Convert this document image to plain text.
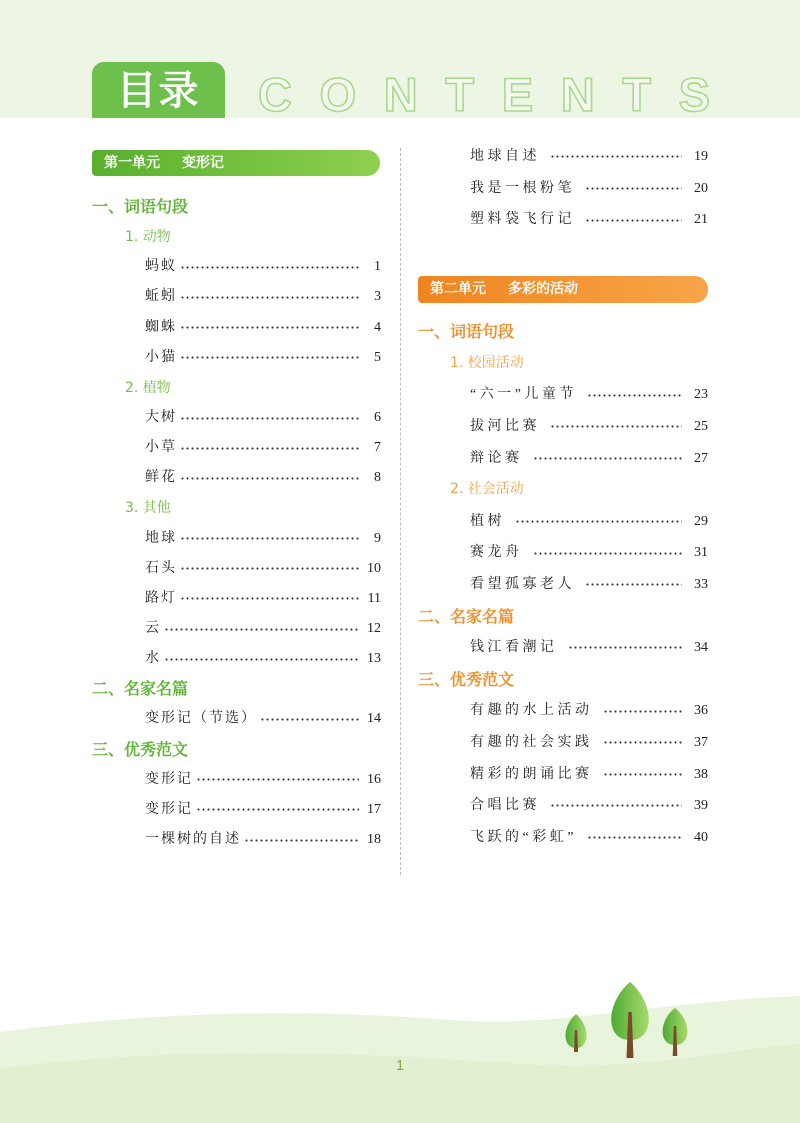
目录	CONTENTS
第一单元 变形记
一、词语句段
1. 动物
蚂蚁	1
蚯蚓	3
蜘蛛	4
小猫	5
2. 植物
大树	6
小草	7
鲜花	8
3. 其他
地球	9
石头	10
路灯	11
云	12
水	13
二、名家名篇
变形记（节选）	14
三、优秀范文
变形记	16
变形记	17
一棵树的自述	18
地球自述	19
我是一根粉笔	20
塑料袋飞行记	21
第二单元 多彩的活动
一、词语句段
1. 校园活动
“六一”儿童节	23
拔河比赛	25
辩论赛	27
2. 社会活动
植树	29
赛龙舟	31
看望孤寡老人	33
二、名家名篇
钱江看潮记	34
三、优秀范文
有趣的水上活动	36
有趣的社会实践	37
精彩的朗诵比赛	38
合唱比赛	39
飞跃的“彩虹”	40
1
